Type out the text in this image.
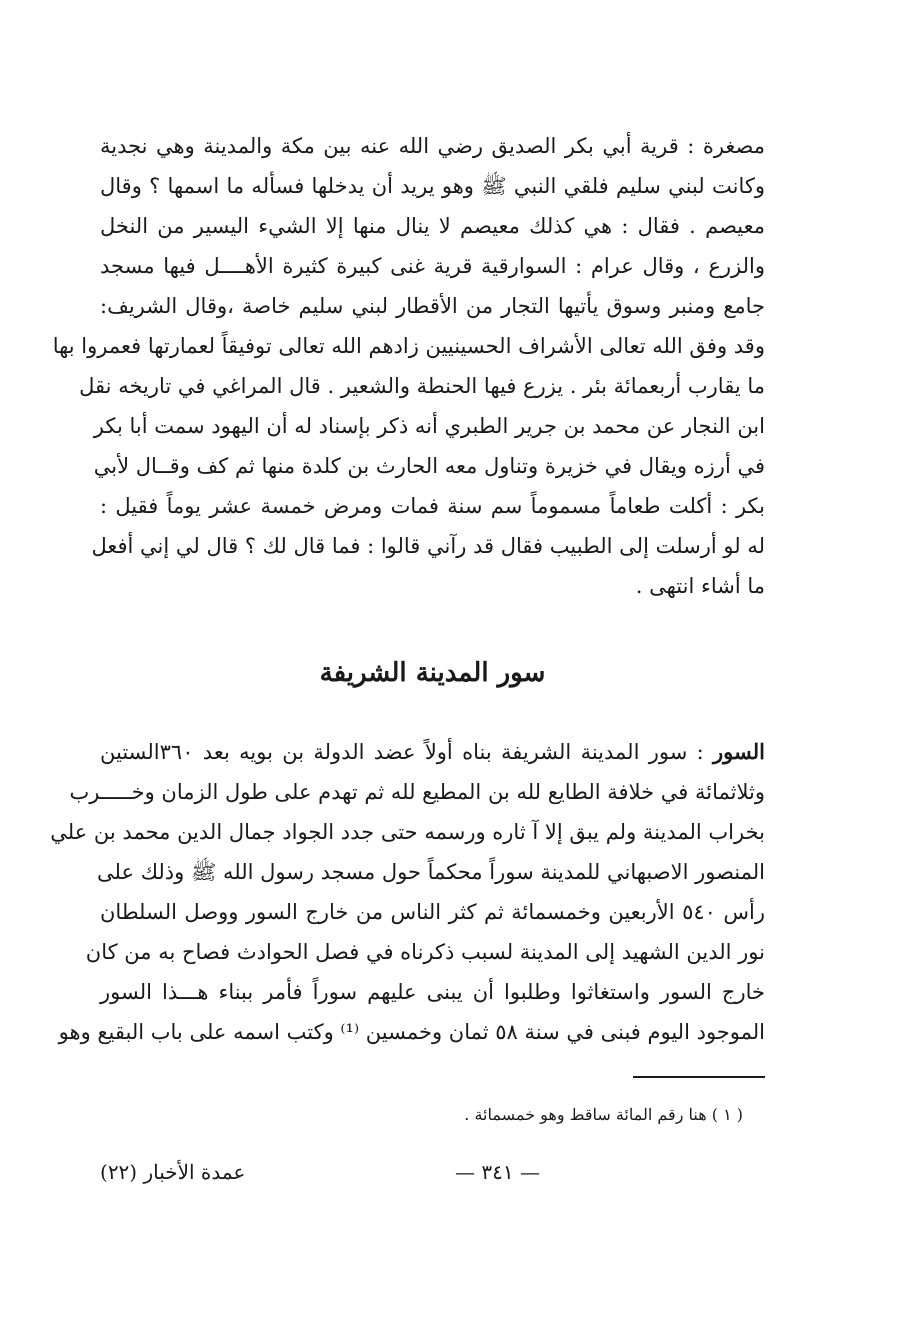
مصغرة : قرية أبي بكر الصديق رضي الله عنه بين مكة والمدينة وهي نجدية
وكانت لبني سليم فلقي النبي ﷺ وهو يريد أن يدخلها فسأله ما اسمها ؟ وقال
معيصم . فقال : هي كذلك معيصم لا ينال منها إلا الشيء اليسير من النخل
والزرع ، وقال عرام : السوارقية قرية غنى كبيرة كثيرة الأهــــل فيها مسجد
جامع ومنبر وسوق يأتيها التجار من الأقطار لبني سليم خاصة ،وقال الشريف:
وقد وفق الله تعالى الأشراف الحسينيين زادهم الله تعالى توفيقاً لعمارتها فعمروا بها
ما يقارب أربعمائة بئر . يزرع فيها الحنطة والشعير . قال المراغي في تاريخه نقل
ابن النجار عن محمد بن جرير الطبري أنه ذكر بإسناد له أن اليهود سمت أبا بكر
في أرزه ويقال في خزيرة وتناول معه الحارث بن كلدة منها ثم كف وقــال لأبي
بكر : أكلت طعاماً مسموماً سم سنة فمات ومرض خمسة عشر يوماً فقيل :
له لو أرسلت إلى الطبيب فقال قد رآني قالوا : فما قال لك ؟ قال لي إني أفعل
ما أشاء انتهى .
سور المدينة الشريفة
السور : سور المدينة الشريفة بناه أولاً عضد الدولة بن بويه بعد ٣٦٠الستين
وثلاثمائة في خلافة الطايع لله بن المطيع لله ثم تهدم على طول الزمان وخـــــرب
بخراب المدينة ولم يبق إلا آ ثاره ورسمه حتى جدد الجواد جمال الدين محمد بن علي
المنصور الاصبهاني للمدينة سوراً محكماً حول مسجد رسول الله ﷺ وذلك على
رأس ٥٤٠ الأربعين وخمسمائة ثم كثر الناس من خارج السور ووصل السلطان
نور الدين الشهيد إلى المدينة لسبب ذكرناه في فصل الحوادث فصاح به من كان
خارج السور واستغاثوا وطلبوا أن يبنى عليهم سوراً فأمر ببناء هـــذا السور
الموجود اليوم فبنى في سنة ٥٨ ثمان وخمسين ⁽¹⁾ وكتب اسمه على باب البقيع وهو
( ١ ) هنا رقم المائة ساقط وهو خمسمائة .
— ٣٤١ —
عمدة الأخبار (٢٢)
